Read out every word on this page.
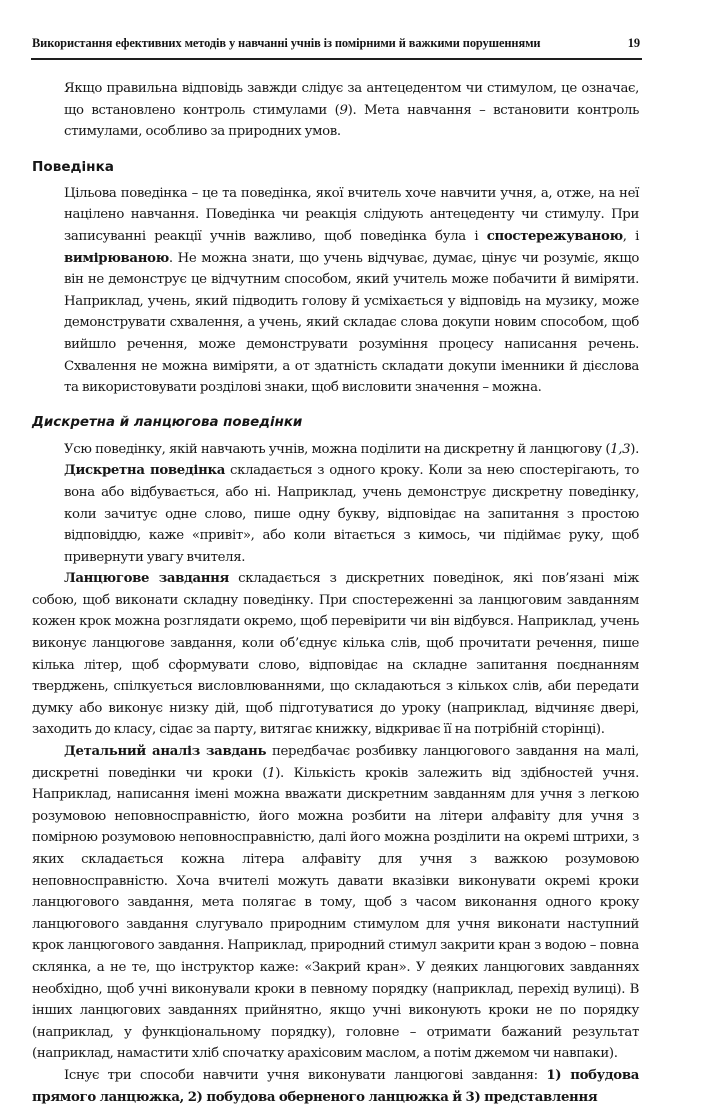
Використання ефективних методів у навчанні учнів із помірними й важкими порушеннями	19

Якщо правильна відповідь завжди слідує за антецедентом чи стимулом, це означає, що встановлено контроль стимулами (9). Мета навчання – встановити контроль стимулами, особливо за природних умов.

Поведінка

Цільова поведінка – це та поведінка, якої вчитель хоче навчити учня, а, отже, на неї націлено навчання. Поведінка чи реакція слідують антецеденту чи стимулу. При записуванні реакції учнів важливо, щоб поведінка була і спостережуваною, і вимірюваною. Не можна знати, що учень відчуває, думає, цінує чи розуміє, якщо він не демонструє це відчутним способом, який учитель може побачити й виміряти. Наприклад, учень, який підводить голову й усміхається у відповідь на музику, може демонструвати схвалення, а учень, який складає слова докупи новим способом, щоб вийшло речення, може демонструвати розуміння процесу написання речень. Схвалення не можна виміряти, а от здатність складати докупи іменники й дієслова та використовувати розділові знаки, щоб висловити значення – можна.

Дискретна й ланцюгова поведінки

Усю поведінку, якій навчають учнів, можна поділити на дискретну й ланцюгову (1,3). Дискретна поведінка складається з одного кроку. Коли за нею спостерігають, то вона або відбувається, або ні. Наприклад, учень демонструє дискретну поведінку, коли зачитує одне слово, пише одну букву, відповідає на запитання з простою відповіддю, каже «привіт», або коли вітається з кимось, чи підіймає руку, щоб привернути увагу вчителя.

Ланцюгове завдання складається з дискретних поведінок, які пов’язані між собою, щоб виконати складну поведінку. При спостереженні за ланцюговим завданням кожен крок можна розглядати окремо, щоб перевірити чи він відбувся. Наприклад, учень виконує ланцюгове завдання, коли об’єднує кілька слів, щоб прочитати речення, пише кілька літер, щоб сформувати слово, відповідає на складне запитання поєднанням тверджень, спілкується висловлюваннями, що складаються з кількох слів, аби передати думку або виконує низку дій, щоб підготуватися до уроку (наприклад, відчиняє двері, заходить до класу, сідає за парту, витягає книжку, відкриває її на потрібній сторінці).

Детальний аналіз завдань передбачає розбивку ланцюгового завдання на малі, дискретні поведінки чи кроки (1). Кількість кроків залежить від здібностей учня. Наприклад, написання імені можна вважати дискретним завданням для учня з легкою розумовою неповносправністю, його можна розбити на літери алфавіту для учня з помірною розумовою неповносправністю, далі його можна розділити на окремі штрихи, з яких складається кожна літера алфавіту для учня з важкою розумовою неповносправністю. Хоча вчителі можуть давати вказівки виконувати окремі кроки ланцюгового завдання, мета полягає в тому, щоб з часом виконання одного кроку ланцюгового завдання слугувало природним стимулом для учня виконати наступний крок ланцюгового завдання. Наприклад, природний стимул закрити кран з водою – повна склянка, а не те, що інструктор каже: «Закрий кран». У деяких ланцюгових завданнях необхідно, щоб учні виконували кроки в певному порядку (наприклад, перехід вулиці). В інших ланцюгових завданнях прийнятно, якщо учні виконують кроки не по порядку (наприклад, у функціональному порядку), головне – отримати бажаний результат (наприклад, намастити хліб спочатку арахісовим маслом, а потім джемом чи навпаки).

Існує три способи навчити учня виконувати ланцюгові завдання: 1) побудова прямого ланцюжка, 2) побудова оберненого ланцюжка й 3) представлення
